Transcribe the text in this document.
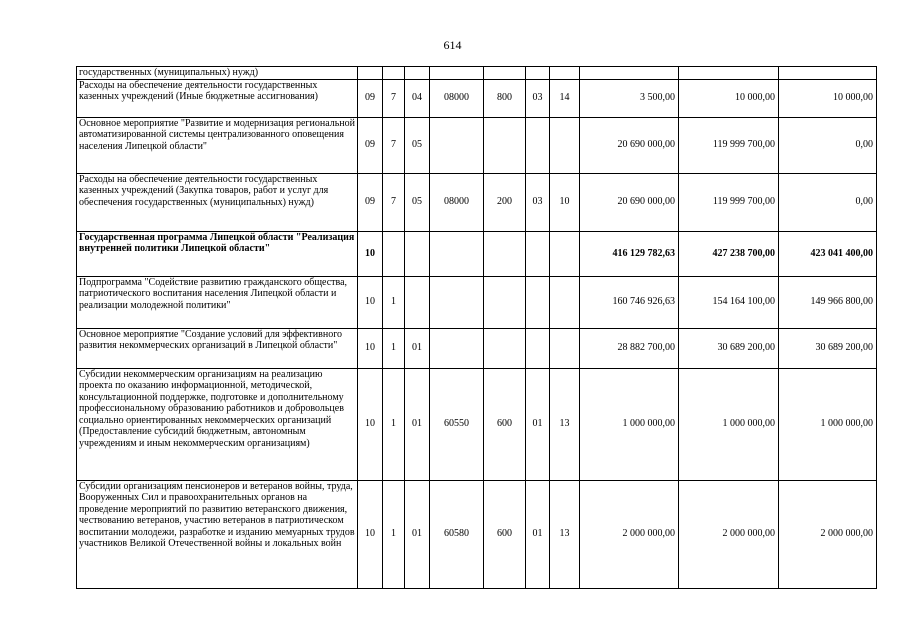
614
государственных (муниципальных) нужд)										
Расходы на обеспечение деятельности государственных казенных учреждений (Иные бюджетные ассигнования)	09	7	04	08000	800	03	14	3 500,00	10 000,00	10 000,00
Основное мероприятие "Развитие и модернизация региональной автоматизированной системы централизованного оповещения населения Липецкой области"	09	7	05					20 690 000,00	119 999 700,00	0,00
Расходы на обеспечение деятельности государственных казенных учреждений (Закупка товаров, работ и услуг для обеспечения государственных (муниципальных) нужд)	09	7	05	08000	200	03	10	20 690 000,00	119 999 700,00	0,00
Государственная программа Липецкой области "Реализация внутренней политики Липецкой области"	10							416 129 782,63	427 238 700,00	423 041 400,00
Подпрограмма "Содействие развитию гражданского общества, патриотического воспитания населения Липецкой области и реализации молодежной политики"	10	1						160 746 926,63	154 164 100,00	149 966 800,00
Основное мероприятие "Создание условий для эффективного развития некоммерческих организаций в Липецкой области"	10	1	01					28 882 700,00	30 689 200,00	30 689 200,00
Субсидии некоммерческим организациям на реализацию проекта по оказанию информационной, методической, консультационной поддержке, подготовке и дополнительному профессиональному образованию работников и добровольцев социально ориентированных некоммерческих организаций (Предоставление субсидий бюджетным, автономным учреждениям и иным некоммерческим организациям)	10	1	01	60550	600	01	13	1 000 000,00	1 000 000,00	1 000 000,00
Субсидии организациям пенсионеров и ветеранов войны, труда, Вооруженных Сил и правоохранительных органов на проведение мероприятий по развитию ветеранского движения, чествованию ветеранов, участию ветеранов в патриотическом воспитании молодежи, разработке и изданию мемуарных трудов участников Великой Отечественной войны и локальных войн	10	1	01	60580	600	01	13	2 000 000,00	2 000 000,00	2 000 000,00
